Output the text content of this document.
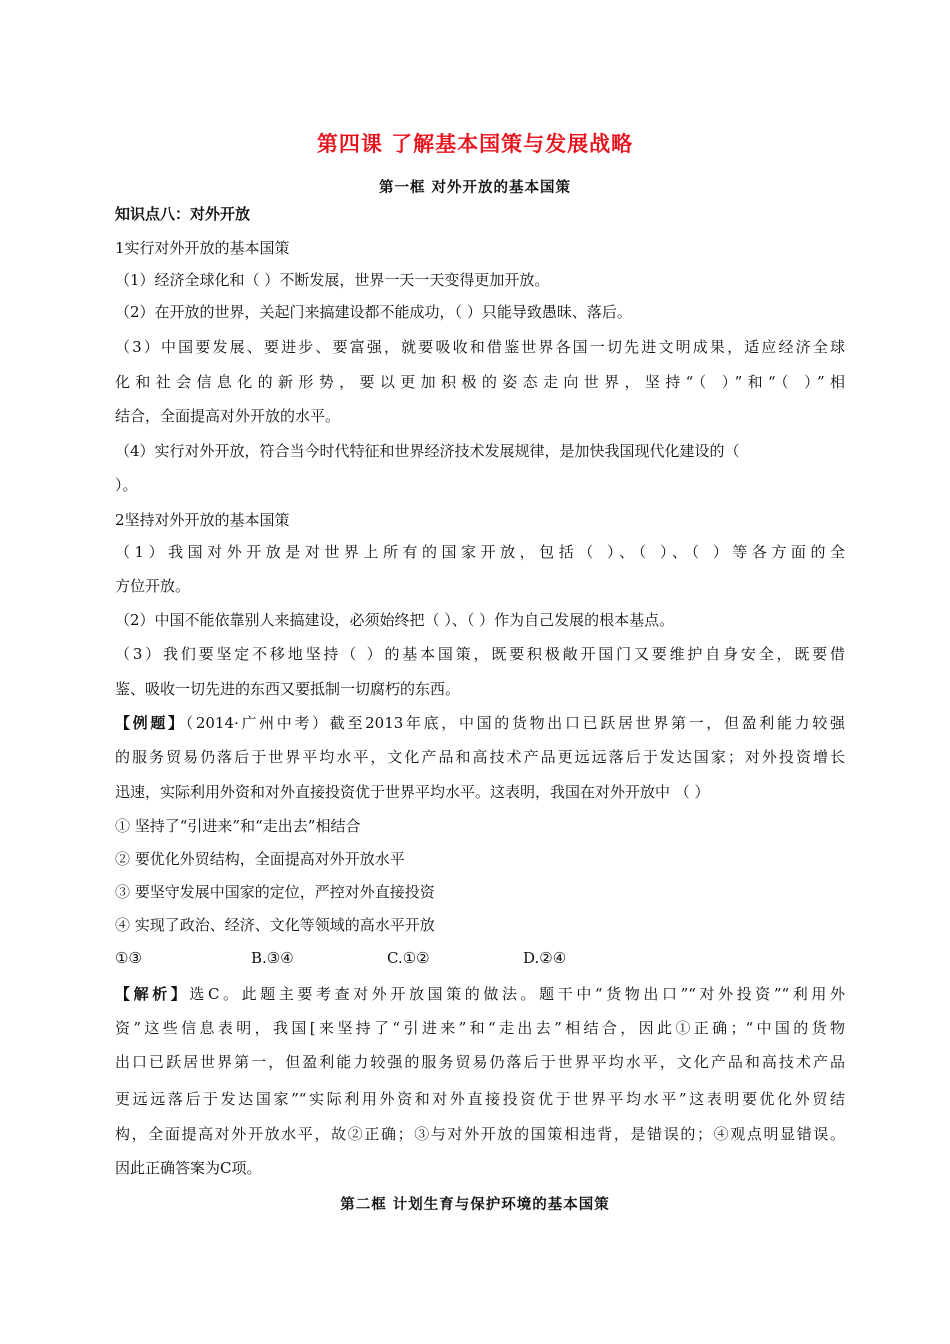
第四课 了解基本国策与发展战略
第一框 对外开放的基本国策
知识点八：对外开放
1实行对外开放的基本国策
（1）经济全球化和（ ）不断发展，世界一天一天变得更加开放。
（2）在开放的世界，关起门来搞建设都不能成功，（ ）只能导致愚昧、落后。
（3）中国要发展、要进步、要富强，就要吸收和借鉴世界各国一切先进文明成果，适应经济全球
化和社会信息化的新形势，要以更加积极的姿态走向世界，坚持“（ ）”和“（ ）”相
结合，全面提高对外开放的水平。
（4）实行对外开放，符合当今时代特征和世界经济技术发展规律，是加快我国现代化建设的（
）。
2坚持对外开放的基本国策
（1）我国对外开放是对世界上所有的国家开放，包括（ ）、（ ）、（ ）等各方面的全
方位开放。
（2）中国不能依靠别人来搞建设，必须始终把（ ）、（ ）作为自己发展的根本基点。
（3）我们要坚定不移地坚持（ ）的基本国策，既要积极敞开国门又要维护自身安全，既要借
鉴、吸收一切先进的东西又要抵制一切腐朽的东西。
【例题】（2014·广州中考）截至2013年底，中国的货物出口已跃居世界第一，但盈利能力较强
的服务贸易仍落后于世界平均水平，文化产品和高技术产品更远远落后于发达国家；对外投资增长
迅速，实际利用外资和对外直接投资优于世界平均水平。这表明，我国在对外开放中 （ ）
① 坚持了“引进来”和“走出去”相结合
② 要优化外贸结构，全面提高对外开放水平
③ 要坚守发展中国家的定位，严控对外直接投资
④ 实现了政治、经济、文化等领域的高水平开放
①③	B.③④	C.①②	D.②④
【解析】选C。此题主要考查对外开放国策的做法。题干中“货物出口”“对外投资”“利用外
资”这些信息表明，我国[来坚持了“引进来”和“走出去”相结合，因此①正确；“中国的货物
出口已跃居世界第一，但盈利能力较强的服务贸易仍落后于世界平均水平，文化产品和高技术产品
更远远落后于发达国家”“实际利用外资和对外直接投资优于世界平均水平”这表明要优化外贸结
构，全面提高对外开放水平，故②正确；③与对外开放的国策相违背，是错误的；④观点明显错误。
因此正确答案为C项。
第二框 计划生育与保护环境的基本国策
